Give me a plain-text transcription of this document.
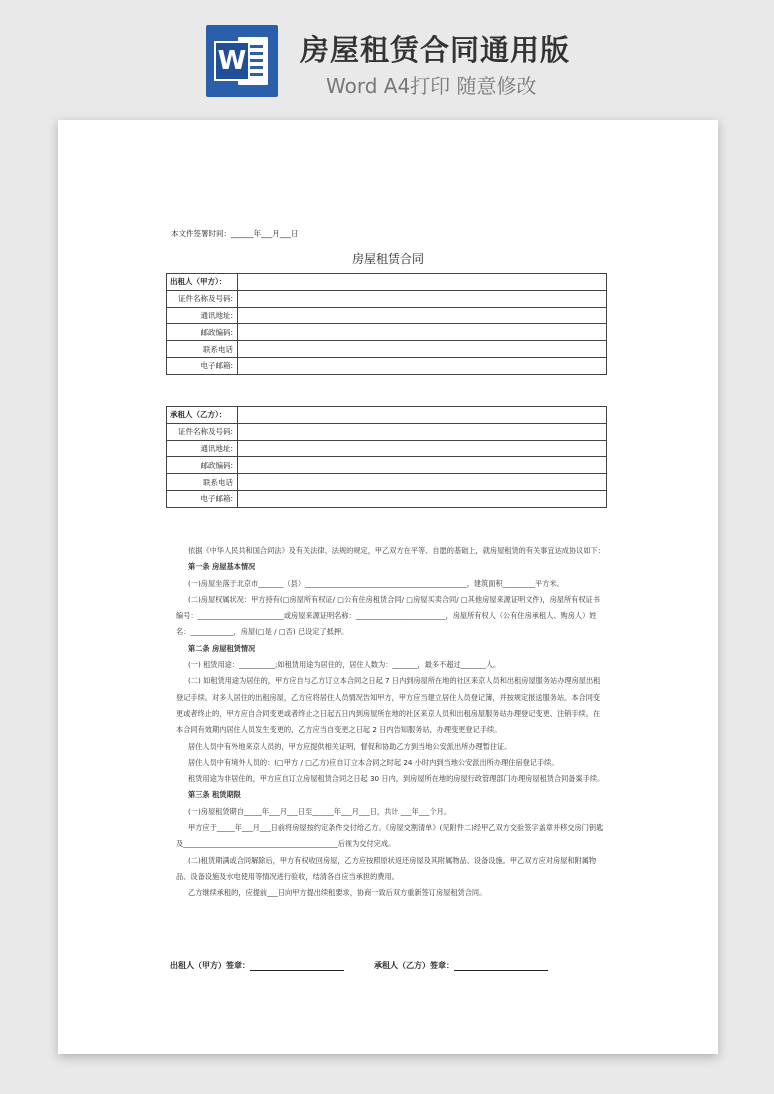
W 房屋租赁合同通用版
Word A4打印 随意修改
本文件签署时间：______年___月___日
房屋租赁合同
出租人（甲方）：	
证件名称及号码:	
通讯地址:	
邮政编码:	
联系电话	
电子邮箱:	
承租人（乙方）：	
证件名称及号码:	
通讯地址:	
邮政编码:	
联系电话	
电子邮箱:	

依据《中华人民共和国合同法》及有关法律、法规的规定，甲乙双方在平等、自愿的基础上，就房屋租赁的有关事宜达成协议如下：

第一条 房屋基本情况

(一)房屋坐落于北京市_______（县）_____________________________________________，建筑面积_________平方米。

(二)房屋权属状况：甲方持有(□房屋所有权证/ □公有住房租赁合同/ □房屋买卖合同/ □其他房屋来源证明文件)，房屋所有权证书编号：________________________或房屋来源证明名称：_________________________，房屋所有权人（公有住房承租人、购房人）姓名：____________，房屋(□是 / □否) 已设定了抵押。

第二条 房屋租赁情况

(一) 租赁用途：__________;如租赁用途为居住的，居住人数为：_______，最多不超过_______人。

(二) 如租赁用途为居住的，甲方应自与乙方订立本合同之日起 7 日内到房屋所在地的社区来京人员和出租房屋服务站办理房屋出租登记手续。对多人居住的出租房屋，乙方应将居住人员情况告知甲方，甲方应当建立居住人员登记簿，并按规定报送服务站。本合同变更或者终止的，甲方应自合同变更或者终止之日起五日内到房屋所在地的社区来京人员和出租房屋服务站办理登记变更、注销手续。在本合同有效期内居住人员发生变更的，乙方应当自变更之日起 2 日内告知服务站，办理变更登记手续。

居住人员中有外地来京人员的，甲方应提供相关证明，督促和协助乙方到当地公安派出所办理暂住证。

居住人员中有境外人员的：(□甲方 / □乙方)应自订立本合同之时起 24 小时内到当地公安派出所办理住宿登记手续。

租赁用途为非居住的，甲方应自订立房屋租赁合同之日起 30 日内，到房屋所在地的房屋行政管理部门办理房屋租赁合同备案手续。

第三条 租赁期限

(一)房屋租赁期自_____年___月___日至______年___月___日，共计 ___年___个月。

甲方应于_____年___月___日前将房屋按约定条件交付给乙方。《房屋交割清单》(见附件二)经甲乙双方交验签字盖章并移交房门钥匙及___________________________________________后视为交付完成。

(二)租赁期满或合同解除后，甲方有权收回房屋，乙方应按照原状返还房屋及其附属物品、设备设施。甲乙双方应对房屋和附属物品、设备设施及水电使用等情况进行验收，结清各自应当承担的费用。

乙方继续承租的，应提前___日向甲方提出续租要求，协商一致后双方重新签订房屋租赁合同。

出租人（甲方）签章：	承租人（乙方）签章：
